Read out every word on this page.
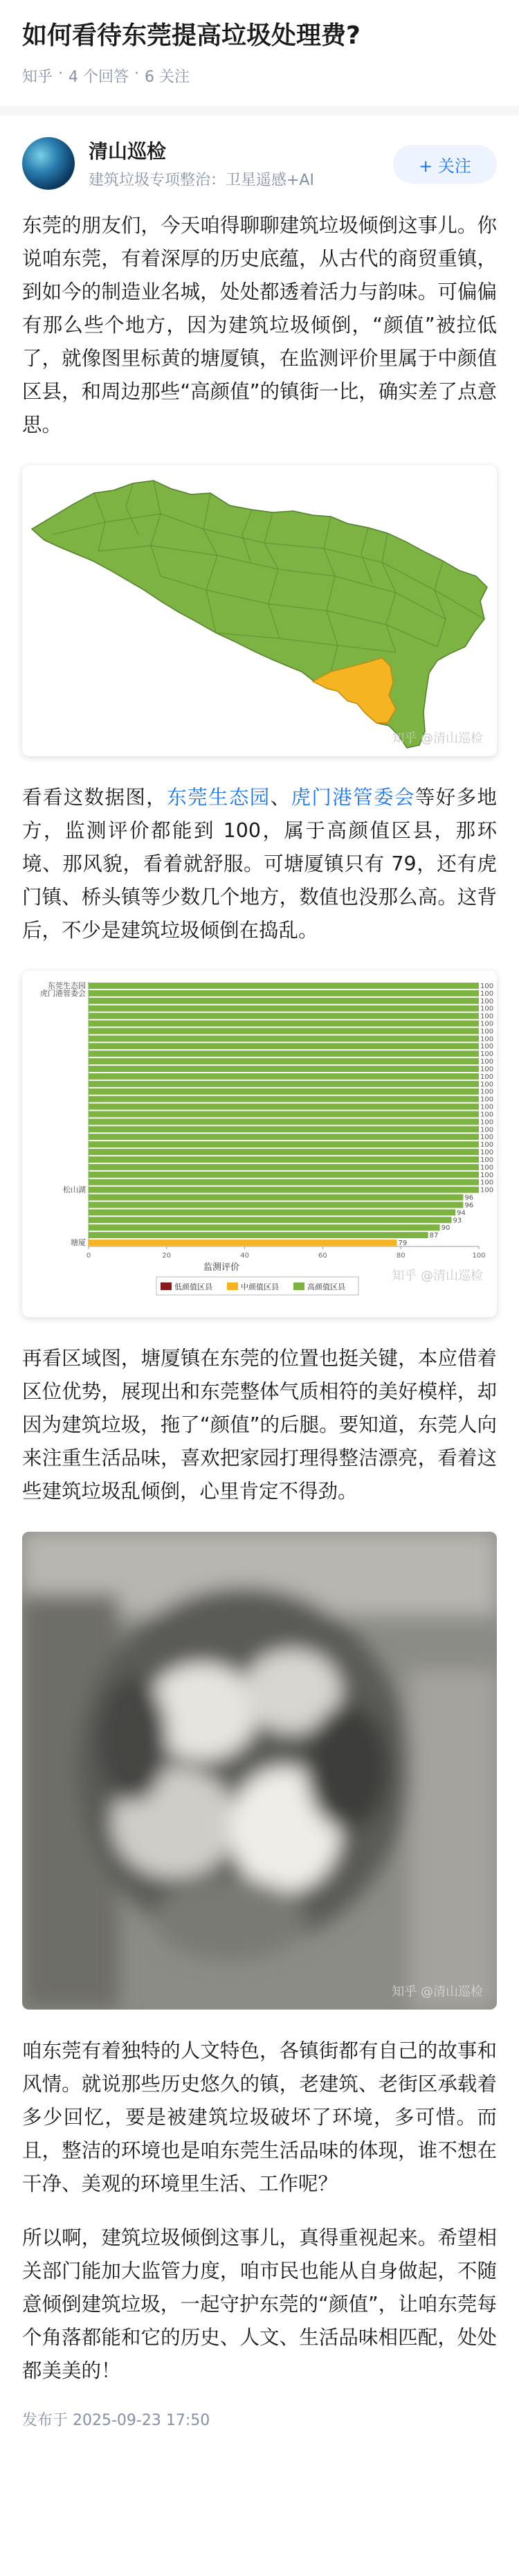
如何看待东莞提高垃圾处理费?
知乎 · 4 个回答 · 6 关注
清山巡检
建筑垃圾专项整治：卫星遥感+AI
+ 关注

东莞的朋友们，今天咱得聊聊建筑垃圾倾倒这事儿。你说咱东莞，有着深厚的历史底蕴，从古代的商贸重镇，到如今的制造业名城，处处都透着活力与韵味。可偏偏有那么些个地方，因为建筑垃圾倾倒，“颜值”被拉低了，就像图里标黄的塘厦镇，在监测评价里属于中颜值区县，和周边那些“高颜值”的镇街一比，确实差了点意思。

知乎 @清山巡检

看看这数据图，东莞生态园、虎门港管委会等好多地方，监测评价都能到 100，属于高颜值区县，那环境、那风貌，看着就舒服。可塘厦镇只有 79，还有虎门镇、桥头镇等少数几个地方，数值也没那么高。这背后，不少是建筑垃圾倾倒在捣乱。

100
东莞生态园
100
虎门港管委会
100
100
100
100
100
100
100
100
100
100
100
100
100
100
100
100
100
100
100
100
100
100
100
100
100
100
松山湖
96
96
94
93
90
87
79
塘厦
0	20	40	60	80	100
监测评价
低颜值区县	中颜值区县	高颜值区县
知乎 @清山巡检

再看区域图，塘厦镇在东莞的位置也挺关键，本应借着区位优势，展现出和东莞整体气质相符的美好模样，却因为建筑垃圾，拖了“颜值”的后腿。要知道，东莞人向来注重生活品味，喜欢把家园打理得整洁漂亮，看着这些建筑垃圾乱倾倒，心里肯定不得劲。

知乎 @清山巡检

咱东莞有着独特的人文特色，各镇街都有自己的故事和风情。就说那些历史悠久的镇，老建筑、老街区承载着多少回忆，要是被建筑垃圾破坏了环境，多可惜。而且，整洁的环境也是咱东莞生活品味的体现，谁不想在干净、美观的环境里生活、工作呢？

所以啊，建筑垃圾倾倒这事儿，真得重视起来。希望相关部门能加大监管力度，咱市民也能从自身做起，不随意倾倒建筑垃圾，一起守护东莞的“颜值”，让咱东莞每个角落都能和它的历史、人文、生活品味相匹配，处处都美美的！

发布于 2025-09-23 17:50
